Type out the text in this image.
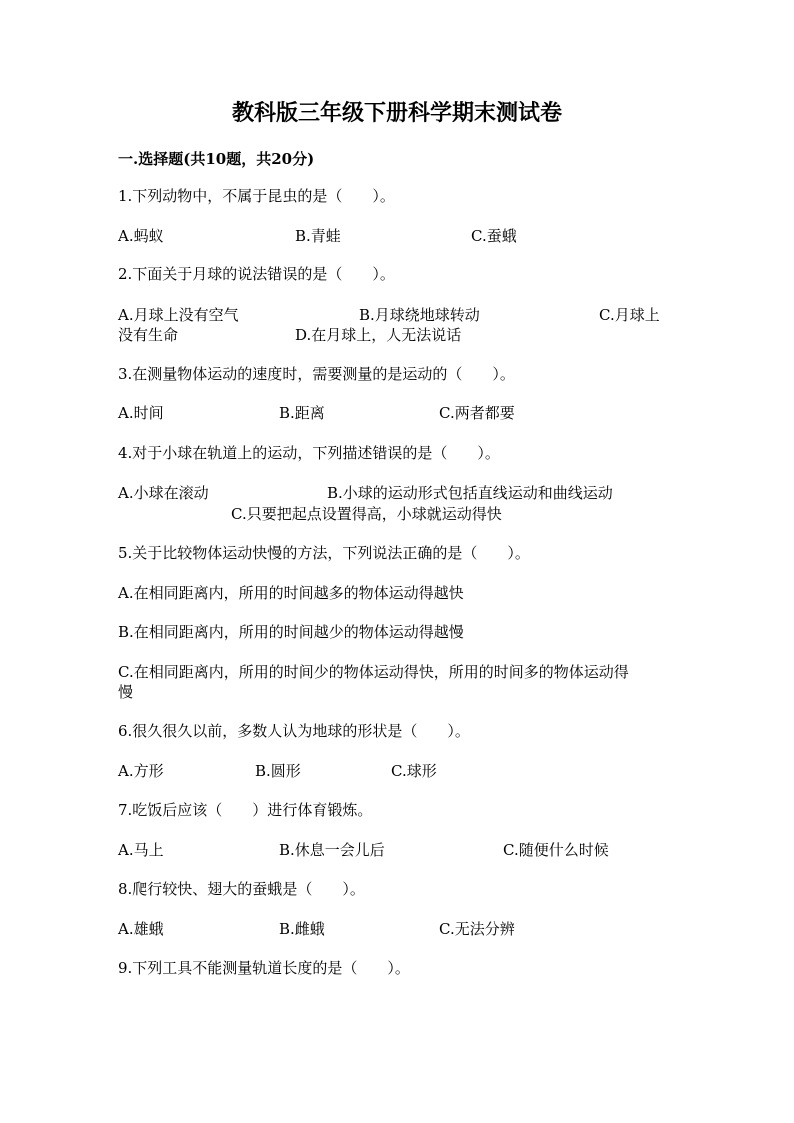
教科版三年级下册科学期末测试卷
一.选择题(共10题，共20分)
1.下列动物中，不属于昆虫的是（　　）。
A.蚂蚁	B.青蛙	C.蚕蛾
2.下面关于月球的说法错误的是（　　）。
A.月球上没有空气	B.月球绕地球转动	C.月球上
没有生命	D.在月球上，人无法说话
3.在测量物体运动的速度时，需要测量的是运动的（　　）。
A.时间	B.距离	C.两者都要
4.对于小球在轨道上的运动，下列描述错误的是（　　）。
A.小球在滚动	B.小球的运动形式包括直线运动和曲线运动
C.只要把起点设置得高，小球就运动得快
5.关于比较物体运动快慢的方法，下列说法正确的是（　　）。
A.在相同距离内，所用的时间越多的物体运动得越快
B.在相同距离内，所用的时间越少的物体运动得越慢
C.在相同距离内，所用的时间少的物体运动得快，所用的时间多的物体运动得
慢
6.很久很久以前，多数人认为地球的形状是（　　）。
A.方形	B.圆形	C.球形
7.吃饭后应该（　　）进行体育锻炼。
A.马上	B.休息一会儿后	C.随便什么时候
8.爬行较快、翅大的蚕蛾是（　　）。
A.雄蛾	B.雌蛾	C.无法分辨
9.下列工具不能测量轨道长度的是（　　）。
